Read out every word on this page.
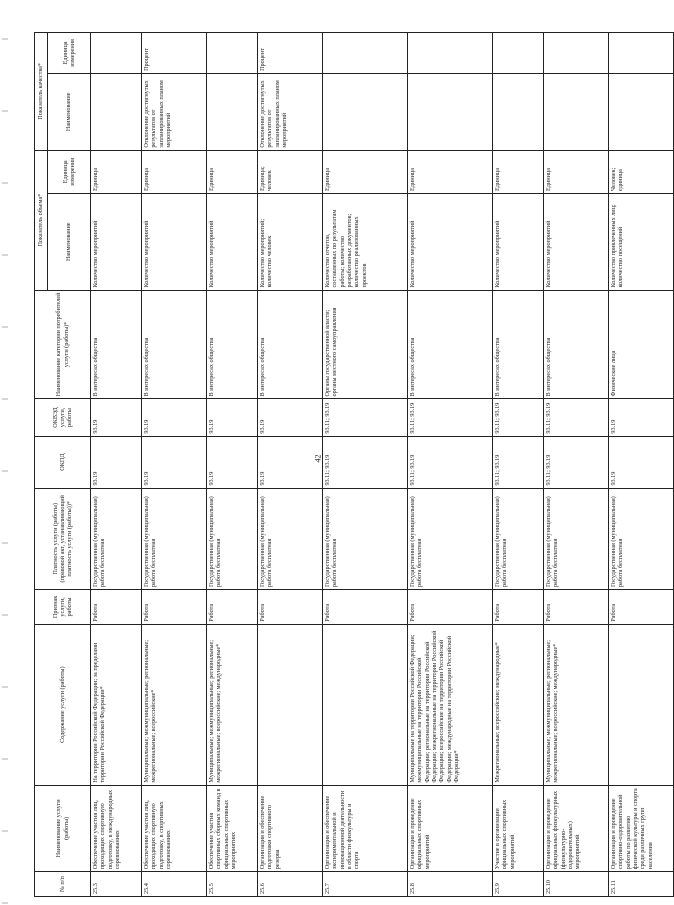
42
№ п/п	Наименование услуги (работы)	Содержание услуги (работы)	Признак услуги, работы	Платность услуги (работы)(правовой акт, устанавливающий платность услуги (работы))*	ОКПД	ОКВЭД услуги, работы	Наименование категории потребителей услуги (работы)*	Показатель объема*		Показатель качества*	
								Наименование	Единица измерения	Наименование	Единица измерения
25.3	Обеспечение участия лиц, проходящих спортивную подготовку, в международных соревнованиях	На территории Российской Федерации; за пределами территории Российской Федерации*	Работа	Государственная (муниципальная) работа бесплатная	93.19	93.19	В интересах общества	Количество мероприятий	Единица		
25.4	Обеспечение участия лиц, проходящих спортивную подготовку, в спортивных соревнованиях	Муниципальные; межмуниципальные; региональные; межрегиональные; всероссийские*	Работа	Государственная (муниципальная) работа бесплатная	93.19	93.19	В интересах общества	Количество мероприятий	Единица	Отклонение достигнутых результатов от запланированных планом мероприятий	Процент
25.5	Обеспечение участия спортивных сборных команд в официальных спортивных мероприятиях	Муниципальные; межмуниципальные; региональные; межрегиональные; всероссийские; международные*	Работа	Государственная (муниципальная) работа бесплатная	93.19	93.19	В интересах общества	Количество мероприятий	Единица		
25.6	Организация и обеспечение подготовки спортивного резерва		Работа	Государственная (муниципальная) работа бесплатная	93.19	93.19	В интересах общества	Количество мероприятий; количество человек	Единица; человек	Отклонение достигнутых результатов от запланированных планом мероприятий	Процент
25.7	Организация и обеспечение экспериментальной и инновационной деятельности в области физкультуры и спорта		Работа	Государственная (муниципальная) работа бесплатная	93.11; 93.19	93.11; 93.19	Органы государственной власти; органы местного самоуправления	Количество отчетов, составленных по результатам работы; количество разработанных документов; количество реализованных проектов	Единица		
25.8	Организация и проведение официальных спортивных мероприятий	Муниципальные на территории Российской Федерации; межмуниципальные на территории Российской Федерации; региональные на территории Российской Федерации; межрегиональные на территории Российской Федерации; всероссийские на территории Российской Федерации; международные на территории Российской Федерации*	Работа	Государственная (муниципальная) работа бесплатная	93.11; 93.19	93.11; 93.19	В интересах общества	Количество мероприятий	Единица		
25.9	Участие в организации официальных спортивных мероприятий	Межрегиональные; всероссийские; международные*	Работа	Государственная (муниципальная) работа бесплатная	93.11; 93.19	93.11; 93.19	В интересах общества	Количество мероприятий	Единица		
25.10	Организация и проведение официальных физкультурных (физкультурно-оздоровительных) мероприятий	Муниципальные; межмуниципальные; региональные; межрегиональные; всероссийские; международные*	Работа	Государственная (муниципальная) работа бесплатная	93.11; 93.19	93.11; 93.19	В интересах общества	Количество мероприятий	Единица		
25.11	Организация и проведение спортивно-оздоровительной работы по развитию физической культуры и спорта среди различных групп населения		Работа	Государственная (муниципальная) работа бесплатная	93.19	93.19	Физические лица	Количество привлеченных лиц; количество посещений	Человек; единица		
